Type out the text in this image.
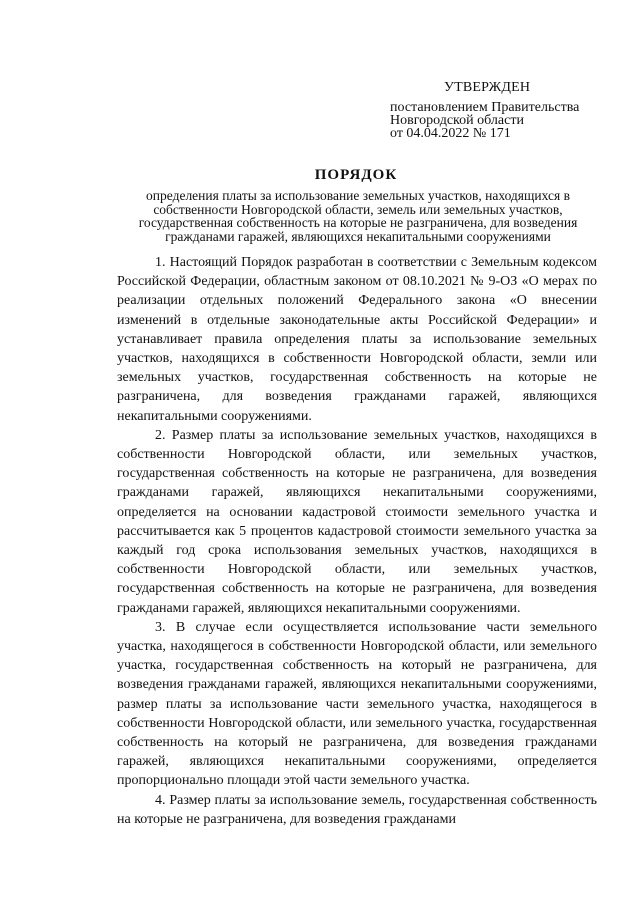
УТВЕРЖДЕН
постановлением Правительства
Новгородской области
от 04.04.2022 № 171
ПОРЯДОК
определения платы за использование земельных участков, находящихся в собственности Новгородской области, земель или земельных участков, государственная собственность на которые не разграничена, для возведения гражданами гаражей, являющихся некапитальными сооружениями

1. Настоящий Порядок разработан в соответствии с Земельным кодексом Российской Федерации, областным законом от 08.10.2021 № 9-ОЗ «О мерах по реализации отдельных положений Федерального закона «О внесении изменений в отдельные законодательные акты Российской Федерации» и устанавливает правила определения платы за использование земельных участков, находящихся в собственности Новгородской области, земли или земельных участков, государственная собственность на которые не разграничена, для возведения гражданами гаражей, являющихся некапитальными сооружениями.

2. Размер платы за использование земельных участков, находящихся в собственности Новгородской области, или земельных участков, государственная собственность на которые не разграничена, для возведения гражданами гаражей, являющихся некапитальными сооружениями, определяется на основании кадастровой стоимости земельного участка и рассчитывается как 5 процентов кадастровой стоимости земельного участка за каждый год срока использования земельных участков, находящихся в собственности Новгородской области, или земельных участков, государственная собственность на которые не разграничена, для возведения гражданами гаражей, являющихся некапитальными сооружениями.

3. В случае если осуществляется использование части земельного участка, находящегося в собственности Новгородской области, или земельного участка, государственная собственность на который не разграничена, для возведения гражданами гаражей, являющихся некапитальными сооружениями, размер платы за использование части земельного участка, находящегося в собственности Новгородской области, или земельного участка, государственная собственность на который не разграничена, для возведения гражданами гаражей, являющихся некапитальными сооружениями, определяется пропорционально площади этой части земельного участка.

4. Размер платы за использование земель, государственная собственность на которые не разграничена, для возведения гражданами
